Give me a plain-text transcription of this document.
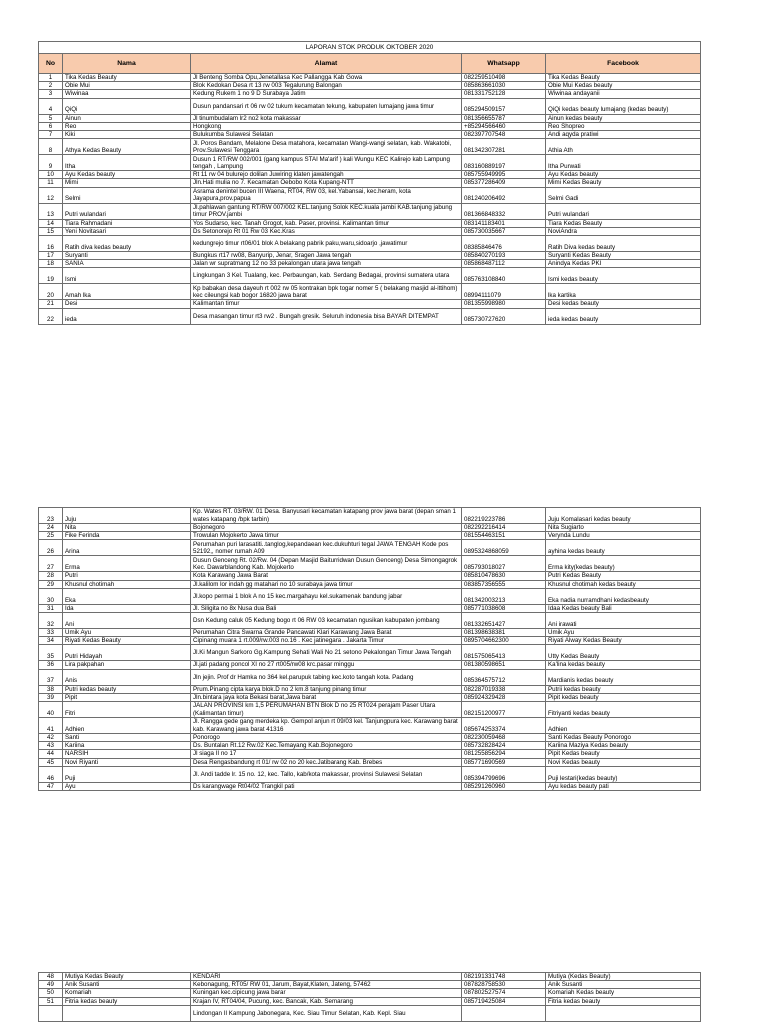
LAPORAN STOK PRODUK OKTOBER 2020				
No	Nama	Alamat	Whatsapp	Facebook
1	Tika Kedas Beauty	Jl Benteng Somba Opu,Jenetallasa Kec Pallangga Kab Gowa	082259510498	Tika Kedas Beauty
2	Obie Mui	Blok Kedokan Desa rt 13 rw 003 Tegalurung Balongan	085863661030	Obie Mui Kedas beauty
3	Wiwinaa	Kedung Rukem 1 no 9 D Surabaya Jatim	081331752128	Wiwinaa andayanii
4	QiQi	Dusun pandansari rt 06 rw 02 tukum kecamatan tekung, kabupaten lumajang jawa timur	085294509157	QiQi kedas beauty lumajang (kedas beauty)
5	Ainun	Jl tinumbudalam lr2 no2 kota makassar	081356655787	Ainun kedas beauty
6	Reo	Hongkong	+85294566460	Reo Shopreo
7	Kiki	Bulukumba Sulawesi Selatan	082397707548	Andi aqyda pratiwi
8	Athya Kedas Beauty	Jl. Poros Bandam, Melalone Desa matahora, kecamatan Wangi-wangi selatan, kab. Wakatobi, Prov.Sulawesi Tenggara	081342307281	Athia Ath
9	Itha	Dusun 1 RT/RW 002/001 (gang kampus STAI Ma'arif ) kali Wungu KEC Kalirejo kab Lampung tengah , Lampung	083160889197	Itha Purwati
10	Ayu Kedas beauty	Rt 11 rw 04 bulurejo dolilan Juwiring klaten jawatengah	085755949995	Ayu Kedas beauty
11	Mimi	Jln.Hati mulia no 7. Kecamatan Oebobo Kota Kupang-NTT	085377286409	Mimi Kedas Beauty
12	Selmi	Asrama denintel bucen III Waena, RT04, RW 03, kel.Yabansai, kec.heram, kota Jayapura,prov.papua	081240206492	Selmi Gadi
13	Putri wulandari	Jl.pahlawan gantung RT/RW 007/002 KEL.tanjung Solok KEC.kuala jambi KAB.tanjung jabung timur PROV.jambi	081366848332	Putri wulandari
14	Tiara Rahmadani	Yos Sudarso, kec. Tanah Grogot, kab. Paser, provinsi. Kalimantan timur	083141183401	Tiara Kedas Beauty
15	Yeni Novitasari	Ds Setonorejo Rt 01 Rw 03 Kec.Kras	085730035667	NoviAndra
16	Ratih diva kedas beauty	kedungrejo timur rt06/01 blok A belakang pabrik paku,waru,sidoarjo ,jawatimur	08385846476	Ratih Diva kedas beauty
17	Suryanti	Bungkus rt17 rw08, Banyurip, Jenar, Sragen Jawa tengah	085840270193	Suryanti Kedas Beauty
18	SANIA	Jalan wr supratmang 12 no 33 pekalongan utara jawa tengah	085868487112	Anindya Kedas PKI
19	Ismi	Lingkungan 3 Kel. Tualang, kec. Perbaungan, kab. Serdang Bedagai, provinsi sumatera utara	085763108840	Ismi kedas beauty
20	Amah lka	Kp babakan desa dayeuh rt 002 rw 05 kontrakan bpk togar nomer 5 ( belakang masjid al-ittihom) kec cileungsi kab bogor 16820 jawa barat	08994111079	lka kartika
21	Desi	Kalimantan timur	081355998980	Desi kedas beauty
22	ieda	Desa masangan timur rt3 rw2 . Bungah gresik. Seluruh indonesia bisa BAYAR DITEMPAT	085730727620	ieda kedas beauty
23	Juju	Kp. Wates RT. 03/RW. 01 Desa. Banyusari kecamatan katapang prov jawa barat (depan sman 1 wates katapang /bpk tarbin)	082219223786	Juju Komalasari kedas beauty
24	Nita	Bojonegoro	082292216414	Nita Sugiarto
25	Fike Ferinda	Trowulan Mojokerto Jawa timur	081554463151	Verynda Lundu
26	Arina	Perumahan puri larasatiti..tanglog,kepandaean kec.dukuhturi tegal JAWA TENGAH Kode pos 52192,, nomer rumah A09	0895324868059	ayhina kedas beauty
27	Erma	Dusun Genceng Rt. 02/Rw. 04 (Depan Masjid Baiturridwan Dusun Genceng) Desa Simongagrok Kec. Dawarblandong Kab. Mojokerto	085793018027	Erma kity(kedas beauty)
28	Putri	Kota Karawang Jawa Barat	085810478630	Putri Kedas Beauty
29	Khusnul chotimah	Jl.kalilom lor indah gg matahari no 10 surabaya jawa timur	083857356555	Khusnul chotimah kedas beauty
30	Eka	Jl.kopo permai 1 blok A no 15 kec.margahayu kel.sukamenak bandung jabar	081342003213	Eka nadia nurramdhani kedasbeauty
31	Ida	Jl. Siligita no 8x Nusa dua Bali	085771038608	Idaa Kedas beauty Bali
32	Ani	Dsn Kedung caluk 05 Kedung bogo rt 06 RW 03 kecamatan ngusikan kabupaten jombang	081332651427	Ani irawati
33	Umik Ayu	Perumahan Citra Swarna Grande Pancawati Klari Karawang Jawa Barat	081398638381	Umik Ayu
34	Riyati Kedas Beauty	Cipinang muara 1 rt.009/rw.003 no.16 . Kec jatinegara . Jakarta Timur	0895704662300	Riyati Alway Kedas Beauty
35	Putri Hidayah	Jl.Ki Mangun Sarkoro Gg.Kampung Sehati Wali No 21 setono Pekalongan Timur Jawa Tengah	081575065413	Utty Kedas Beauty
36	Lira pakpahan	Jl.jati padang poncol XI no 27 rt005/rw08 krc.pasar minggu	081380598651	Ka'lina kedas beauty
37	Anis	Jln jejin. Prof dr Hamka no 364 kel.parupuk tabing kec.koto tangah kota. Padang	085364575712	Mardianis kedas beauty
38	Putri kedas beauty	Prum.Pinang cipta karya blok.D no 2 km.8 tanjung pinang timur	082287019338	Putrii kedas beauty
39	Pipit	Jln.bintara jaya kota Bekasi barat,Jawa barat	085924329428	Pipit kedas beauty
40	Fitri	JALAN PROVINSI km 1,5 PERUMAHAN BTN Blok D no 25 RT024 perajam Paser Utara (Kalimantan timur)	082151200977	Fitriyanti kedas beauty
41	Adhien	Jl. Rangga gede gang merdeka kp. Gempol anjun rt 09/03 kel. Tanjungpura kec. Karawang barat kab. Karawang jawa barat 41316	085674253374	Adhien
42	Santi	Ponorogo	082230059468	Santi Kedas Beauty Ponorogo
43	Kariina	Ds. Buntalan Rt.12 Rw.02 Kec.Temayang Kab.Bojonegoro	085732828424	Kariina Maziya Kedas beauty
44	NARSIH	Jl siaga II no 17	081255856294	Pipit Kedas beauty
45	Novi Riyanti	Desa Rengasbandung rt 01/ rw 02 no 20 kec.Jatibarang Kab. Brebes	085771690569	Novi Kedas beauty
46	Puji	Jl. Andi tadde lr. 15 no. 12, kec. Tallo, kab/kota makassar, provinsi Sulawesi Selatan	085394799696	Puji lestari(kedas beauty)
47	Ayu	Ds karangwage Rt04/02 Trangkil pati	085291260960	Ayu kedas beauty pati
48	Mutiya Kedas Beauty	KENDARI	082191331748	Mutiya (Kedas Beauty)
49	Anik Susanti	Kebonagung, RT05/ RW 01, Jarum, Bayat,Klaten, Jateng, 57462	087828758530	Anik Susanti
50	Komariah	Kuningan kec.cipicung jawa barar	087802527574	Komariah Kedas beauty
51	Fitria kedas beauty	Krajan IV, RT04/04, Pucung, kec. Bancak, Kab. Semarang	085719425084	Fitria kedas beauty
		Lindongan II Kampung Jabonegara, Kec. Siau Timur Selatan, Kab. Kepl. Siau		
